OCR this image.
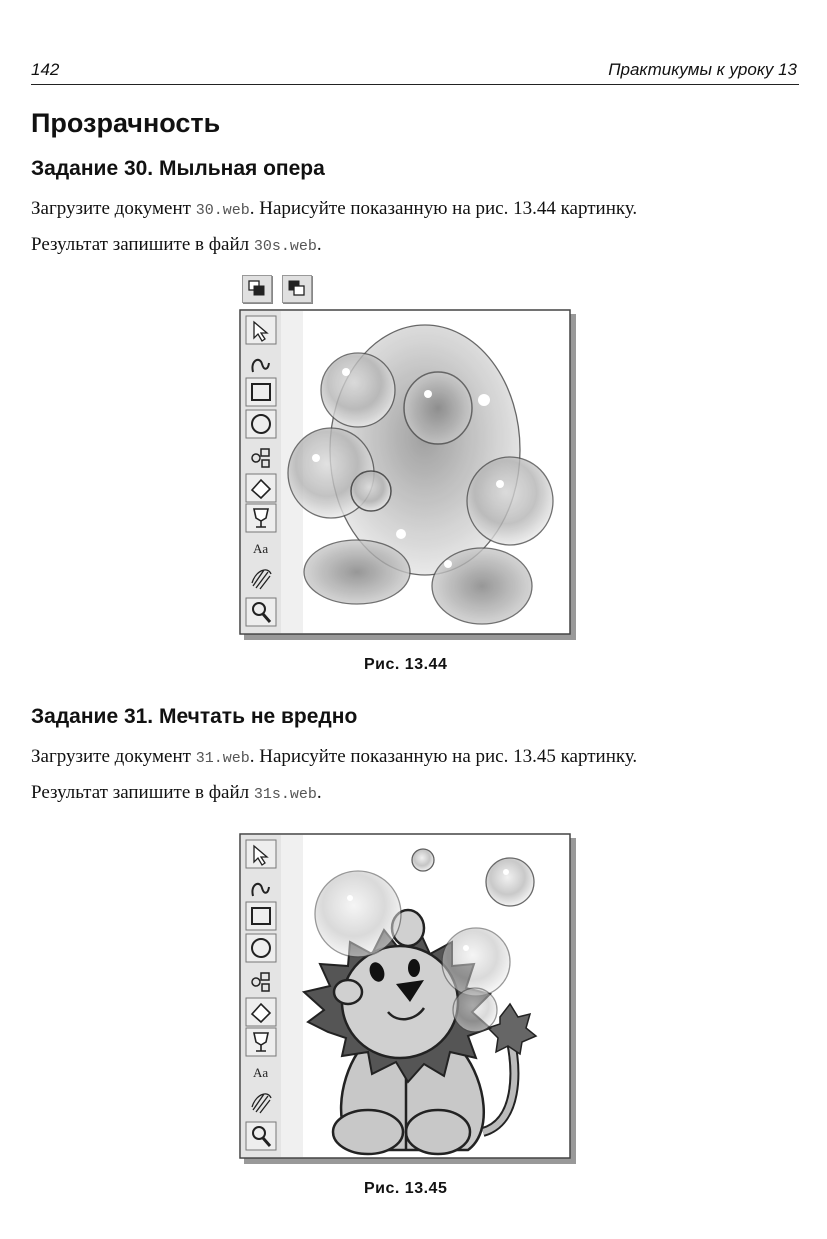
142	Практикумы к уроку 13
Прозрачность
Задание 30. Мыльная опера
Загрузите документ 30.web. Нарисуйте показанную на рис. 13.44 картинку.
Результат запишите в файл 30s.web.
Aa
Рис. 13.44
Задание 31. Мечтать не вредно
Загрузите документ 31.web. Нарисуйте показанную на рис. 13.45 картинку.
Результат запишите в файл 31s.web.
Aa
Рис. 13.45
